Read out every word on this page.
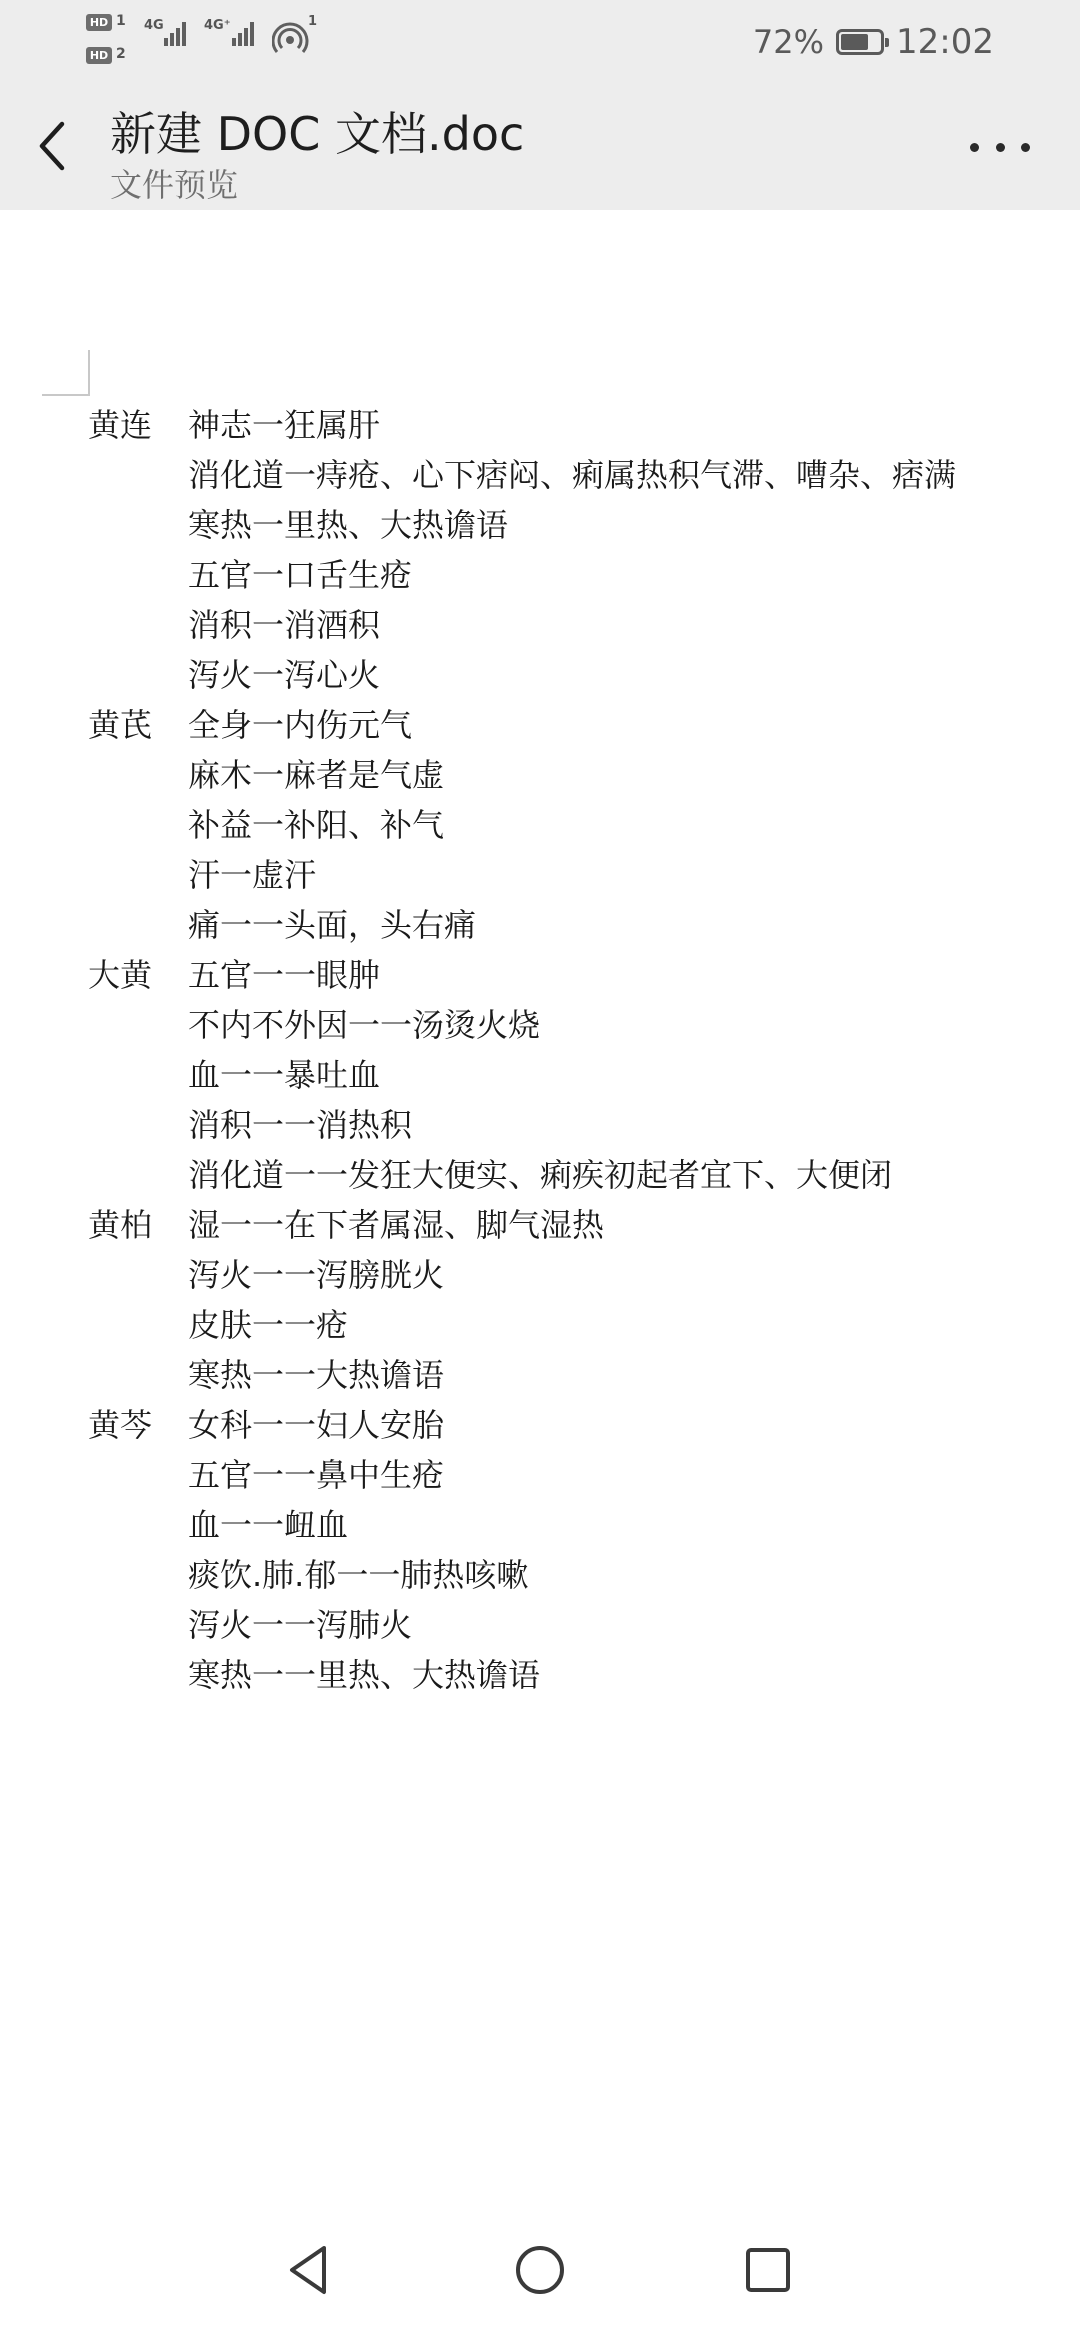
HD 1
HD 2
4G	4G⁺	1
72% 12:02
新建 DOC 文档.doc
文件预览
黄连	神志一狂属肝
消化道一痔疮、心下痞闷、痢属热积气滞、嘈杂、痞满
寒热一里热、大热谵语
五官一口舌生疮
消积一消酒积
泻火一泻心火
黄芪	全身一内伤元气
麻木一麻者是气虚
补益一补阳、补气
汗一虚汗
痛一一头面，头右痛
大黄	五官一一眼肿
不内不外因一一汤烫火烧
血一一暴吐血
消积一一消热积
消化道一一发狂大便实、痢疾初起者宜下、大便闭
黄柏	湿一一在下者属湿、脚气湿热
泻火一一泻膀胱火
皮肤一一疮
寒热一一大热谵语
黄芩	女科一一妇人安胎
五官一一鼻中生疮
血一一衄血
痰饮.肺.郁一一肺热咳嗽
泻火一一泻肺火
寒热一一里热、大热谵语
